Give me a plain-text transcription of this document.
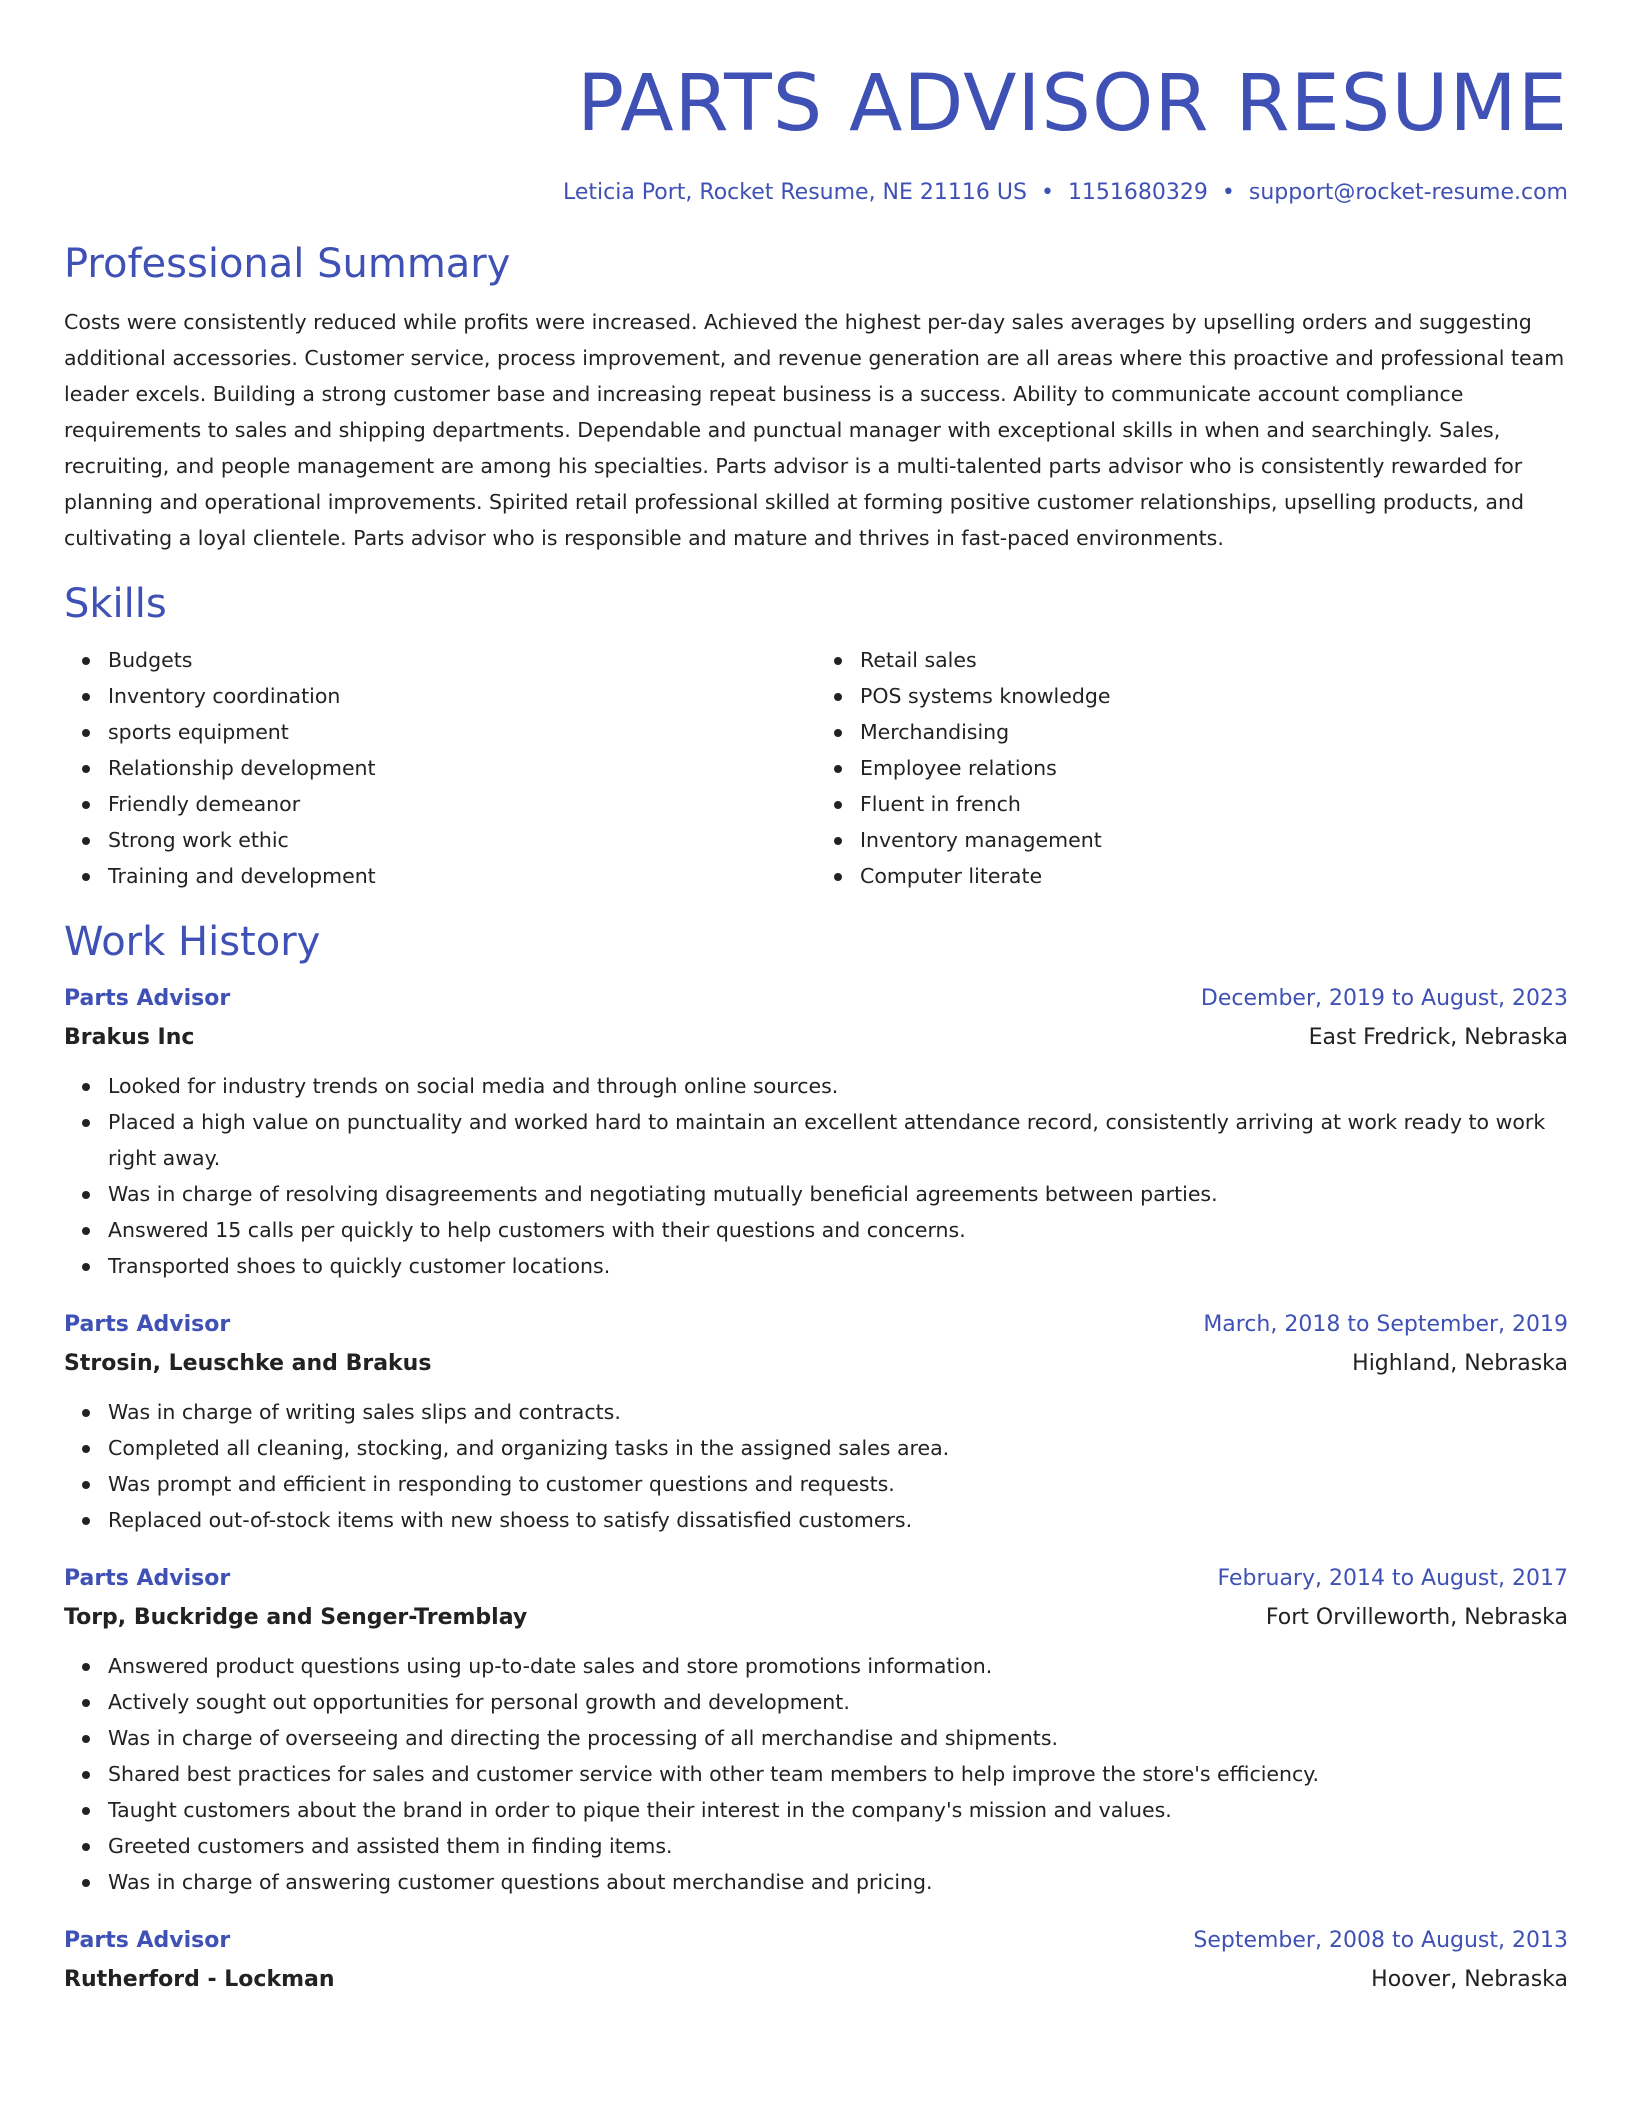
PARTS ADVISOR RESUME
Leticia Port, Rocket Resume, NE 21116 US • 1151680329 • support@rocket-resume.com
Professional Summary
Costs were consistently reduced while profits were increased. Achieved the highest per-day sales averages by upselling orders and suggesting additional accessories. Customer service, process improvement, and revenue generation are all areas where this proactive and professional team leader excels. Building a strong customer base and increasing repeat business is a success. Ability to communicate account compliance requirements to sales and shipping departments. Dependable and punctual manager with exceptional skills in when and searchingly. Sales, recruiting, and people management are among his specialties. Parts advisor is a multi-talented parts advisor who is consistently rewarded for planning and operational improvements. Spirited retail professional skilled at forming positive customer relationships, upselling products, and cultivating a loyal clientele. Parts advisor who is responsible and mature and thrives in fast-paced environments.
Skills
Budgets
Inventory coordination
sports equipment
Relationship development
Friendly demeanor
Strong work ethic
Training and development
Retail sales
POS systems knowledge
Merchandising
Employee relations
Fluent in french
Inventory management
Computer literate
Work History
Parts Advisor	December, 2019 to August, 2023
Brakus Inc	East Fredrick, Nebraska
Looked for industry trends on social media and through online sources.
Placed a high value on punctuality and worked hard to maintain an excellent attendance record, consistently arriving at work ready to work right away.
Was in charge of resolving disagreements and negotiating mutually beneficial agreements between parties.
Answered 15 calls per quickly to help customers with their questions and concerns.
Transported shoes to quickly customer locations.
Parts Advisor	March, 2018 to September, 2019
Strosin, Leuschke and Brakus	Highland, Nebraska
Was in charge of writing sales slips and contracts.
Completed all cleaning, stocking, and organizing tasks in the assigned sales area.
Was prompt and efficient in responding to customer questions and requests.
Replaced out-of-stock items with new shoess to satisfy dissatisfied customers.
Parts Advisor	February, 2014 to August, 2017
Torp, Buckridge and Senger-Tremblay	Fort Orvilleworth, Nebraska
Answered product questions using up-to-date sales and store promotions information.
Actively sought out opportunities for personal growth and development.
Was in charge of overseeing and directing the processing of all merchandise and shipments.
Shared best practices for sales and customer service with other team members to help improve the store's efficiency.
Taught customers about the brand in order to pique their interest in the company's mission and values.
Greeted customers and assisted them in finding items.
Was in charge of answering customer questions about merchandise and pricing.
Parts Advisor	September, 2008 to August, 2013
Rutherford - Lockman	Hoover, Nebraska
